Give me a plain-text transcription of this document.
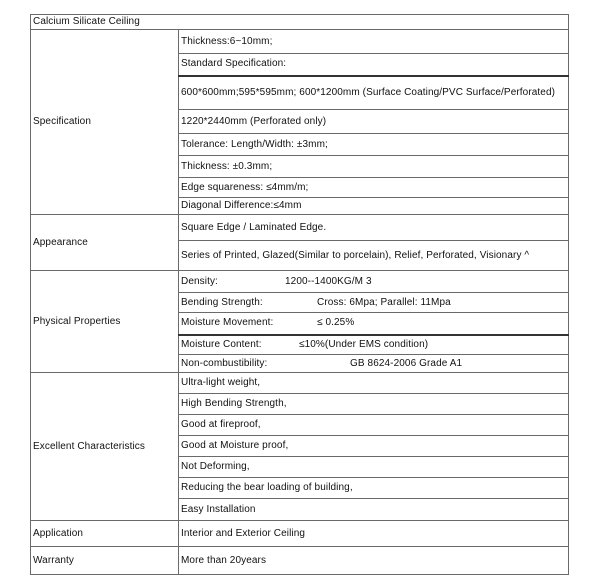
Calcium Silicate Ceiling	
Specification	Thickness:6~10mm;
	Standard Specification:
	600*600mm;595*595mm; 600*1200mm (Surface Coating/PVC Surface/Perforated)
	1220*2440mm (Perforated only)
	Tolerance: Length/Width: ±3mm;
	Thickness: ±0.3mm;
	Edge squareness: ≤4mm/m;
	Diagonal Difference:≤4mm
Appearance	Square Edge / Laminated Edge.
	Series of Printed, Glazed(Similar to porcelain), Relief, Perforated, Visionary ^
Physical Properties	Density: 1200--1400KG/M 3
	Bending Strength: Cross: 6Mpa; Parallel: 11Mpa
	Moisture Movement: ≤ 0.25%
	Moisture Content: ≤10%(Under EMS condition)
	Non-combustibility: GB 8624-2006 Grade A1
Excellent Characteristics	Ultra-light weight,
	High Bending Strength,
	Good at fireproof,
	Good at Moisture proof,
	Not Deforming,
	Reducing the bear loading of building,
	Easy Installation
Application	Interior and Exterior Ceiling
Warranty	More than 20years
